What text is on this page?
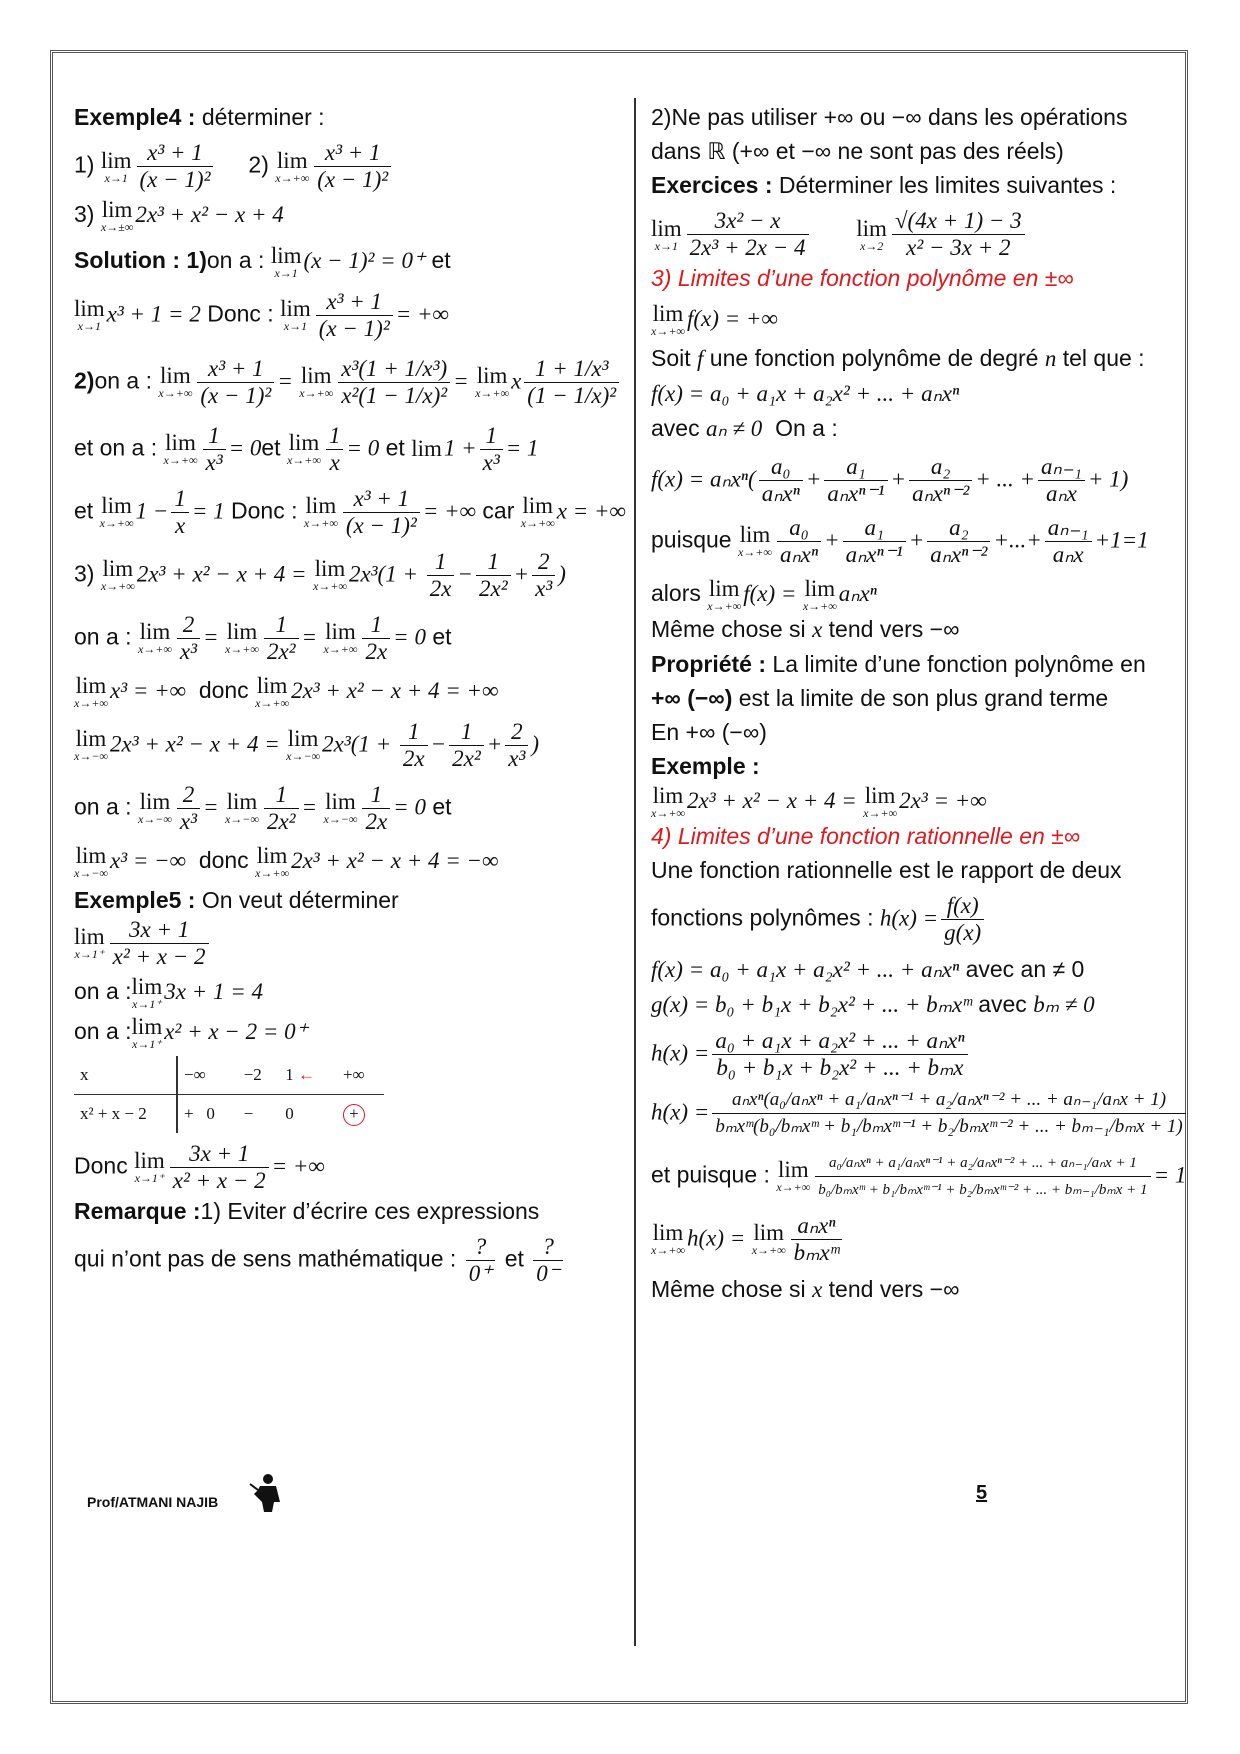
Exemple4 : déterminer :

1) lim
$x\to 1 \frac{\text{x³ + 1}}{\text{(x − 1)²}} 2$) lim
$x\to+\infty \frac{\text{x³ + 1}}{\text{(x − 1)²}}$

3) lim
x→±∞ 2x³ + x² − x + 4

Solution : 1)on a : lim
x→1 (x − 1)² = 0⁺ et

lim
x→1 x³ + 1 = 2 Donc : lim
$x\to 1 \frac{\text{x³ + 1}}{\text{(x − 1)²}}$ = +∞

2)on a : lim
$x\to+\infty \frac{\text{x³ + 1}}{\text{(x − 1)²}} = \lim$
$x\to+\infty \frac{\text{x³(1 + 1/x³)}}{\text{x²(1 − 1/x)²}} = \lim$
x→+∞ x $\frac{\text{1 + 1/x³}}{\text{(1 − 1/x)²}}$

et on a : lim
$x\to+\infty \frac{1}{\text{x³}} = 0et$ lim
$x\to+\infty \frac{1}{x} = 0$ et $\lim 1 + \frac{1}{\text{x³}} = 1$

et lim
x→+∞ $1 - \frac{1}{x} = 1$ Donc : lim
$x\to+\infty \frac{\text{x³ + 1}}{\text{(x − 1)²}}$ = +∞ car lim
x→+∞ x = +∞

3) lim
x→+∞ 2x³ + x² − x + 4 = lim
x→+∞ $2x^3(1 + \frac{1}{2x} - \frac{1}{\text{2x²}} + \frac{2}{\text{x³}}$ )

on a : lim
$x\to+\infty \frac{2}{\text{x³}} = \lim$
$x\to+\infty \frac{1}{\text{2x²}} = \lim$
$x\to+\infty \frac{1}{2x} = 0$ et

lim
x→+∞ x³ = +∞ donc lim
x→+∞ 2x³ + x² − x + 4 = +∞

lim
x→−∞ 2x³ + x² − x + 4 = lim
x→−∞ $2x^3(1 + \frac{1}{2x} - \frac{1}{\text{2x²}} + \frac{2}{\text{x³}}$ )

on a : lim
$x\to-\infty \frac{2}{\text{x³}} = \lim$
$x\to-\infty \frac{1}{\text{2x²}} = \lim$
$x\to-\infty \frac{1}{2x} = 0$ et

lim
x→−∞ x³ = −∞ donc lim
x→+∞ 2x³ + x² − x + 4 = −∞

Exemple5 : On veut déterminer

lim
$x\to 1^+ \frac{3x + 1}{\text{x² + x − 2}}$

on a : lim
x→1⁺ 3x + 1 = 4

on a : lim
x→1⁺ x² + x − 2 = 0⁺

x	−∞	−2	1 ←	+∞
x² + x − 2	+ 0	−	0	+

Donc lim
$x\to 1^+ \frac{3x + 1}{\text{x² + x − 2}}$ = +∞

Remarque :1) Eviter d’écrire ces expressions

qui n’ont pas de sens mathématique : $\frac{?}{0^+}$ et $\frac{?}{0^-}$

2)Ne pas utiliser +∞ ou −∞ dans les opérations

dans ℝ (+∞ et −∞ ne sont pas des réels)

Exercices : Déterminer les limites suivantes :

lim
$x\to 1 \frac{\text{3x² − x}}{\text{2x³ + 2x − 4}}$
lim
$x\to 2 \frac{√(4x + 1) - 3}{\text{x² − 3x + 2}}$

3) Limites d’une fonction polynôme en ±∞

lim
x→+∞ f(x) = +∞

Soit f une fonction polynôme de degré n tel que :

f(x) = a₀ + a₁x + a₂x² + ... + aₙxⁿ

avec aₙ ≠ 0 On a :

$f(x) = a_nx^n( \frac{\text{a₀}}{\text{aₙxⁿ}} + \frac{\text{a₁}}{\text{aₙxⁿ⁻¹}} + \frac{\text{a₂}}{\text{aₙxⁿ⁻²}}$ + ... + $\frac{\text{aₙ₋₁}}{\text{aₙx}} + 1$)

puisque lim
$x\to+\infty \frac{\text{a₀}}{\text{aₙxⁿ}} + \frac{\text{a₁}}{\text{aₙxⁿ⁻¹}} + \frac{\text{a₂}}{\text{aₙxⁿ⁻²}}$ +...+ $\frac{\text{aₙ₋₁}}{\text{aₙx}} +1=1$

alors lim
x→+∞ f(x) = lim
x→+∞ aₙxⁿ

Même chose si x tend vers −∞

Propriété : La limite d’une fonction polynôme en

+∞ (−∞) est la limite de son plus grand terme

En +∞ (−∞)

Exemple :

lim
x→+∞ 2x³ + x² − x + 4 = lim
x→+∞ 2x³ = +∞

4) Limites d’une fonction rationnelle en ±∞

Une fonction rationnelle est le rapport de deux

fonctions polynômes : $h(x) = \frac{f(x)}{g(x)}$

f(x) = a₀ + a₁x + a₂x² + ... + aₙxⁿ avec an ≠ 0

g(x) = b₀ + b₁x + b₂x² + ... + bₘxᵐ avec bₘ ≠ 0

$h(x) = \frac{\text{a₀ + a₁x + a₂x² + ... + aₙxⁿ}}{\text{b₀ + b₁x + b₂x² + ... + bₘx}}$

$h(x) = \frac{\text{aₙxⁿ(a₀/aₙxⁿ + a₁/aₙxⁿ⁻¹ + a₂/aₙxⁿ⁻² + ... + aₙ₋₁/aₙx + 1)}}{\text{bₘxᵐ(b₀/bₘxᵐ + b₁/bₘxᵐ⁻¹ + b₂/bₘxᵐ⁻² + ... + bₘ₋₁/bₘx + 1)}}$

et puisque : lim
$x\to+\infty \frac{\text{a₀/aₙxⁿ + a₁/aₙxⁿ⁻¹ + a₂/aₙxⁿ⁻² + ... + aₙ₋₁/aₙx + 1}}{\text{b₀/bₘxᵐ + b₁/bₘxᵐ⁻¹ + b₂/bₘxᵐ⁻² + ... + bₘ₋₁/bₘx + 1}} = 1$

lim
x→+∞ h(x) = lim
$x\to+\infty \frac{\text{aₙxⁿ}}{\text{bₘxᵐ}}$

Même chose si x tend vers −∞

Prof/ATMANI NAJIB	5
